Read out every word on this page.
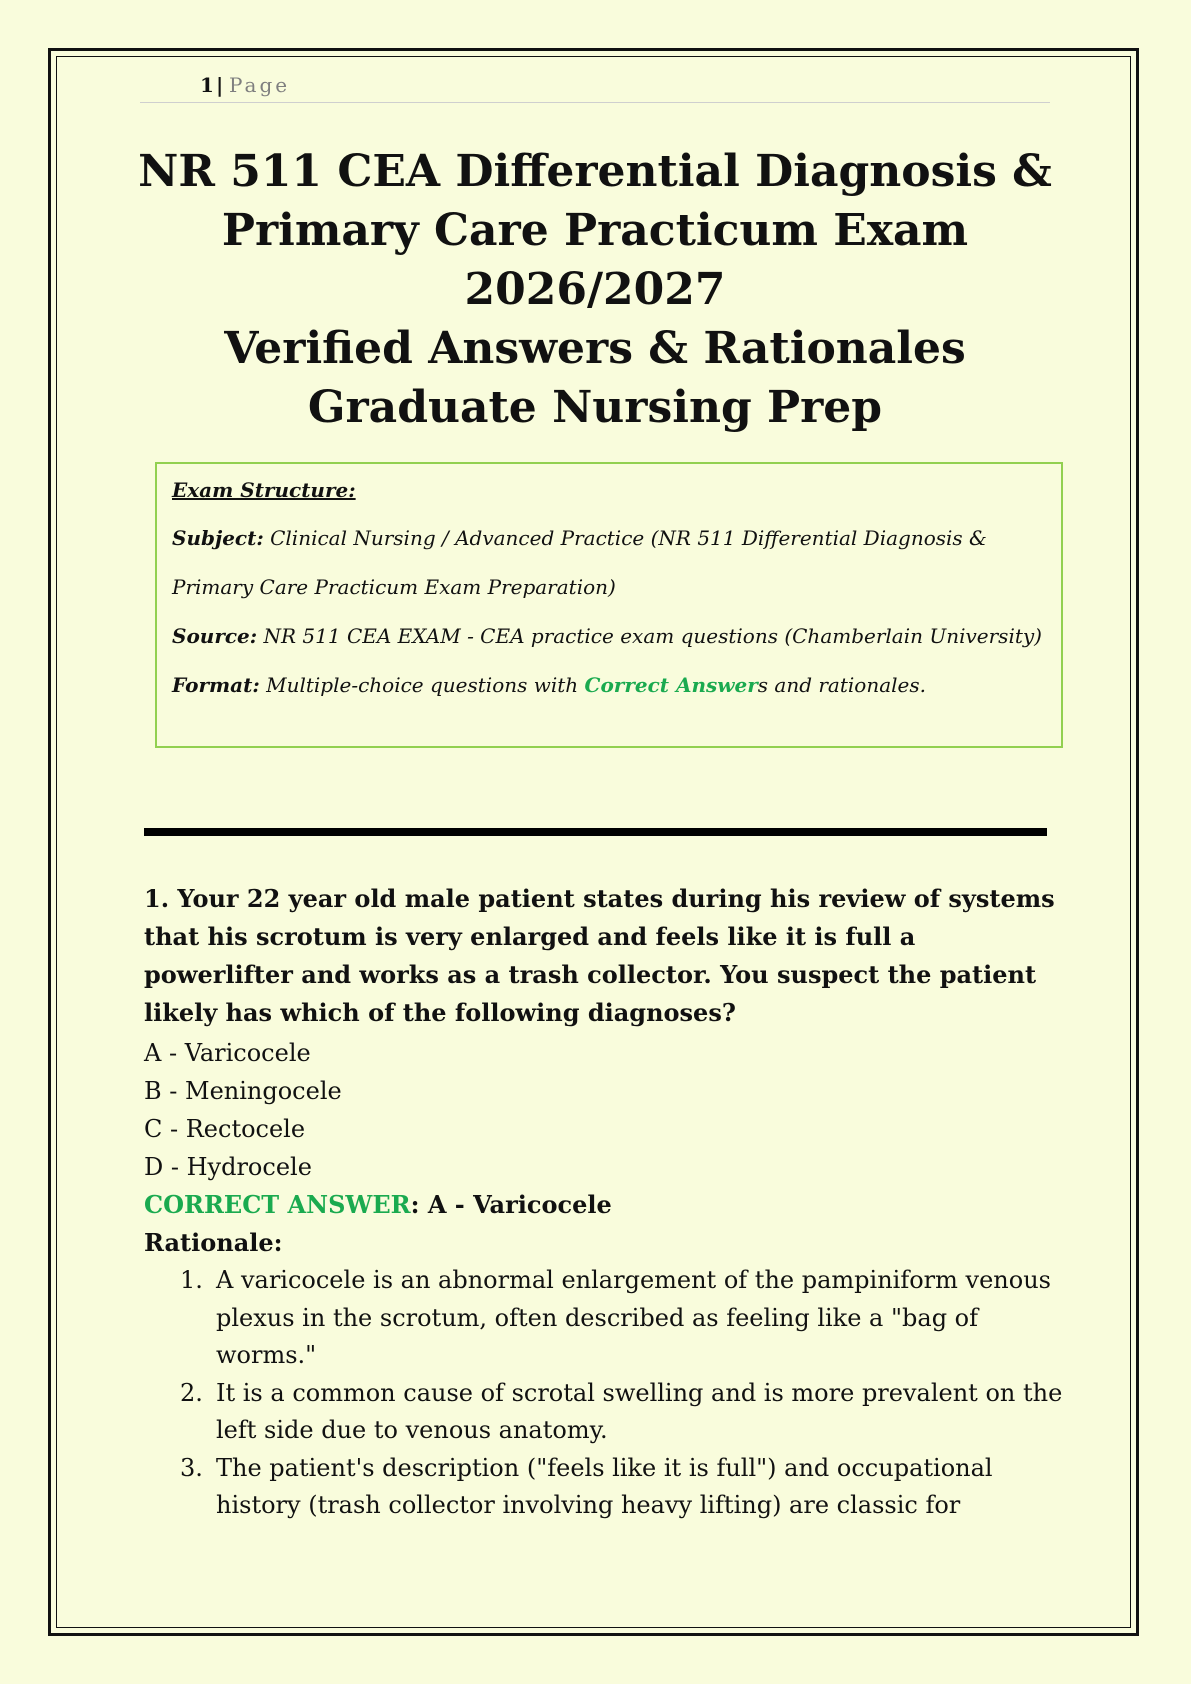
1 | Page
NR 511 CEA Differential Diagnosis &
Primary Care Practicum Exam 2026/2027
Verified Answers & Rationales
Graduate Nursing Prep
Exam Structure:
Subject: Clinical Nursing / Advanced Practice (NR 511 Differential Diagnosis &
Primary Care Practicum Exam Preparation)
Source: NR 511 CEA EXAM - CEA practice exam questions (Chamberlain University)
Format: Multiple-choice questions with Correct Answers and rationales.

1. Your 22 year old male patient states during his review of systems that his scrotum is very enlarged and feels like it is full a powerlifter and works as a trash collector. You suspect the patient likely has which of the following diagnoses?

A - Varicocele
B - Meningocele
C - Rectocele
D - Hydrocele
CORRECT ANSWER: A - Varicocele
Rationale:
1. A varicocele is an abnormal enlargement of the pampiniform venous plexus in the scrotum, often described as feeling like a "bag of worms."
2. It is a common cause of scrotal swelling and is more prevalent on the left side due to venous anatomy.
3. The patient's description ("feels like it is full") and occupational history (trash collector involving heavy lifting) are classic for
